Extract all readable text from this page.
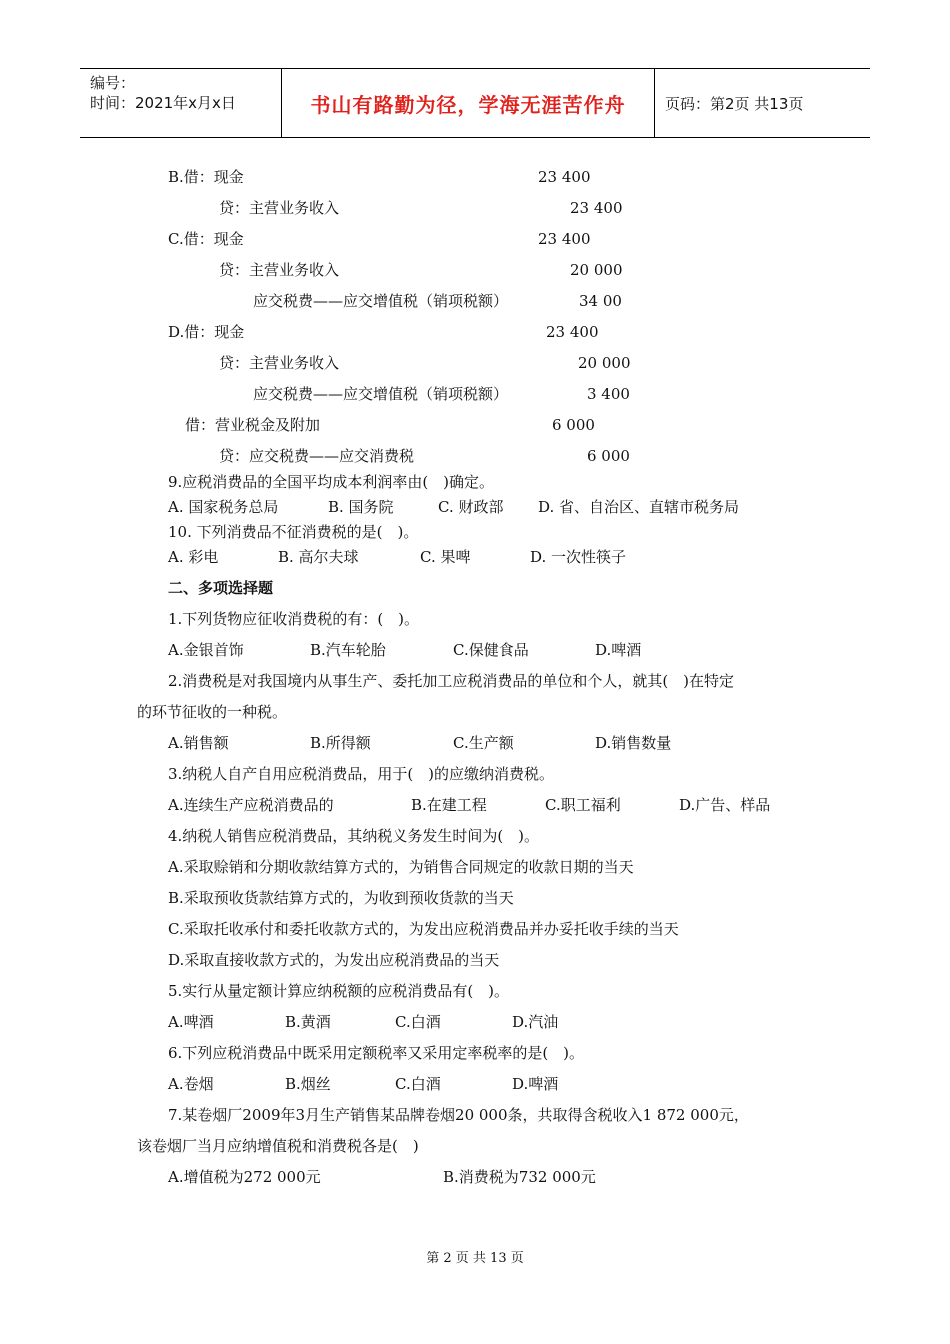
编号：
时间：2021年x月x日	书山有路勤为径，学海无涯苦作舟	页码：第2页 共13页
B.借：现金	23 400
贷：主营业务收入	23 400
C.借：现金	23 400
贷：主营业务收入	20 000
应交税费——应交增值税（销项税额）	34 00
D.借：现金	23 400
贷：主营业务收入	20 000
应交税费——应交增值税（销项税额）	3 400
借：营业税金及附加	6 000
贷：应交税费——应交消费税	6 000
9.应税消费品的全国平均成本利润率由(　)确定。
A. 国家税务总局	B. 国务院	C. 财政部 D. 省、自治区、直辖市税务局
10. 下列消费品不征消费税的是(　)。
A. 彩电	B. 高尔夫球	C. 果啤	D. 一次性筷子
二、多项选择题
1.下列货物应征收消费税的有：(　)。
A.金银首饰	B.汽车轮胎	C.保健食品	D.啤酒
2.消费税是对我国境内从事生产、委托加工应税消费品的单位和个人，就其(　)在特定
的环节征收的一种税。
A.销售额	B.所得额	C.生产额	D.销售数量
3.纳税人自产自用应税消费品，用于(　)的应缴纳消费税。
A.连续生产应税消费品的	B.在建工程	C.职工福利	D.广告、样品
4.纳税人销售应税消费品，其纳税义务发生时间为(　)。
A.采取赊销和分期收款结算方式的，为销售合同规定的收款日期的当天
B.采取预收货款结算方式的，为收到预收货款的当天
C.采取托收承付和委托收款方式的，为发出应税消费品并办妥托收手续的当天
D.采取直接收款方式的，为发出应税消费品的当天
5.实行从量定额计算应纳税额的应税消费品有(　)。
A.啤酒	B.黄酒	C.白酒	D.汽油
6.下列应税消费品中既采用定额税率又采用定率税率的是(　)。
A.卷烟	B.烟丝	C.白酒	D.啤酒
7.某卷烟厂2009年3月生产销售某品牌卷烟20 000条，共取得含税收入1 872 000元，
该卷烟厂当月应纳增值税和消费税各是(　)
A.增值税为272 000元	B.消费税为732 000元
第 2 页 共 13 页
